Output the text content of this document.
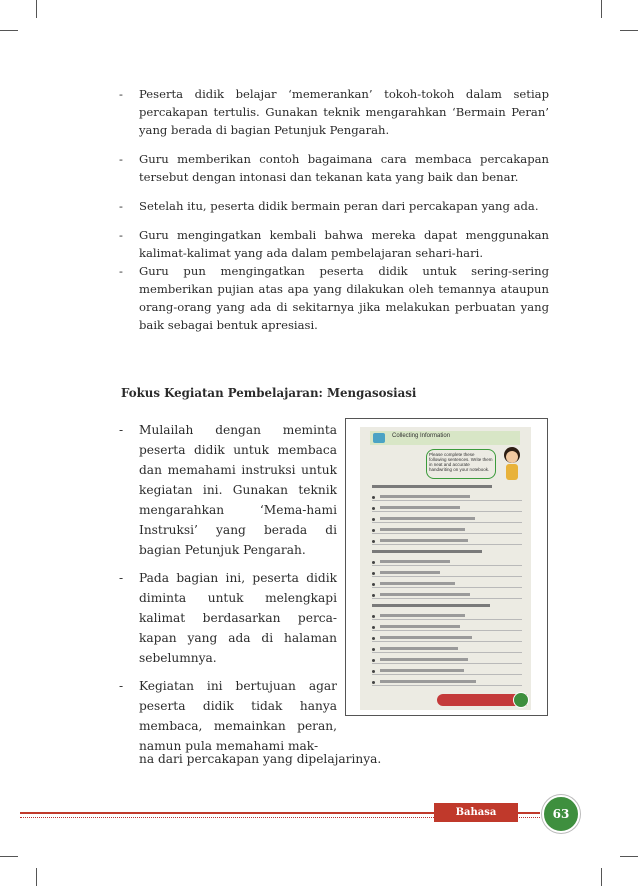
- Peserta didik belajar ‘memerankan’ tokoh-tokoh dalam setiap percakapan tertulis. Gunakan teknik mengarahkan ‘Bermain Peran’ yang berada di bagian Petunjuk Pengarah.

- Guru memberikan contoh bagaimana cara membaca percakapan tersebut dengan intonasi dan tekanan kata yang baik dan benar.

- Setelah itu, peserta didik bermain peran dari percakapan yang ada.

- Guru mengingatkan kembali bahwa mereka dapat menggunakan kalimat-kalimat yang ada dalam pembelajaran sehari-hari.

- Guru pun mengingatkan peserta didik untuk sering-sering memberikan pujian atas apa yang dilakukan oleh temannya ataupun orang-orang yang ada di sekitarnya jika melakukan perbuatan yang baik sebagai bentuk apresiasi.

Fokus Kegiatan Pembelajaran: Mengasosiasi

- Mulailah dengan meminta peserta didik untuk membaca dan memahami instruksi untuk kegiatan ini. Gunakan teknik mengarahkan ‘Mema-hami Instruksi’ yang berada di bagian Petunjuk Pengarah.

- Pada bagian ini, peserta didik diminta untuk melengkapi kalimat berdasarkan perca-kapan yang ada di halaman sebelumnya.

- Kegiatan ini bertujuan agar peserta didik tidak hanya membaca, memainkan peran, namun pula memahami mak-

na dari percakapan yang dipelajarinya.
Collecting Information
Please complete these following sentences. Write them in neat and accurate handwriting on your notebook.
Bahasa Inggris
63
